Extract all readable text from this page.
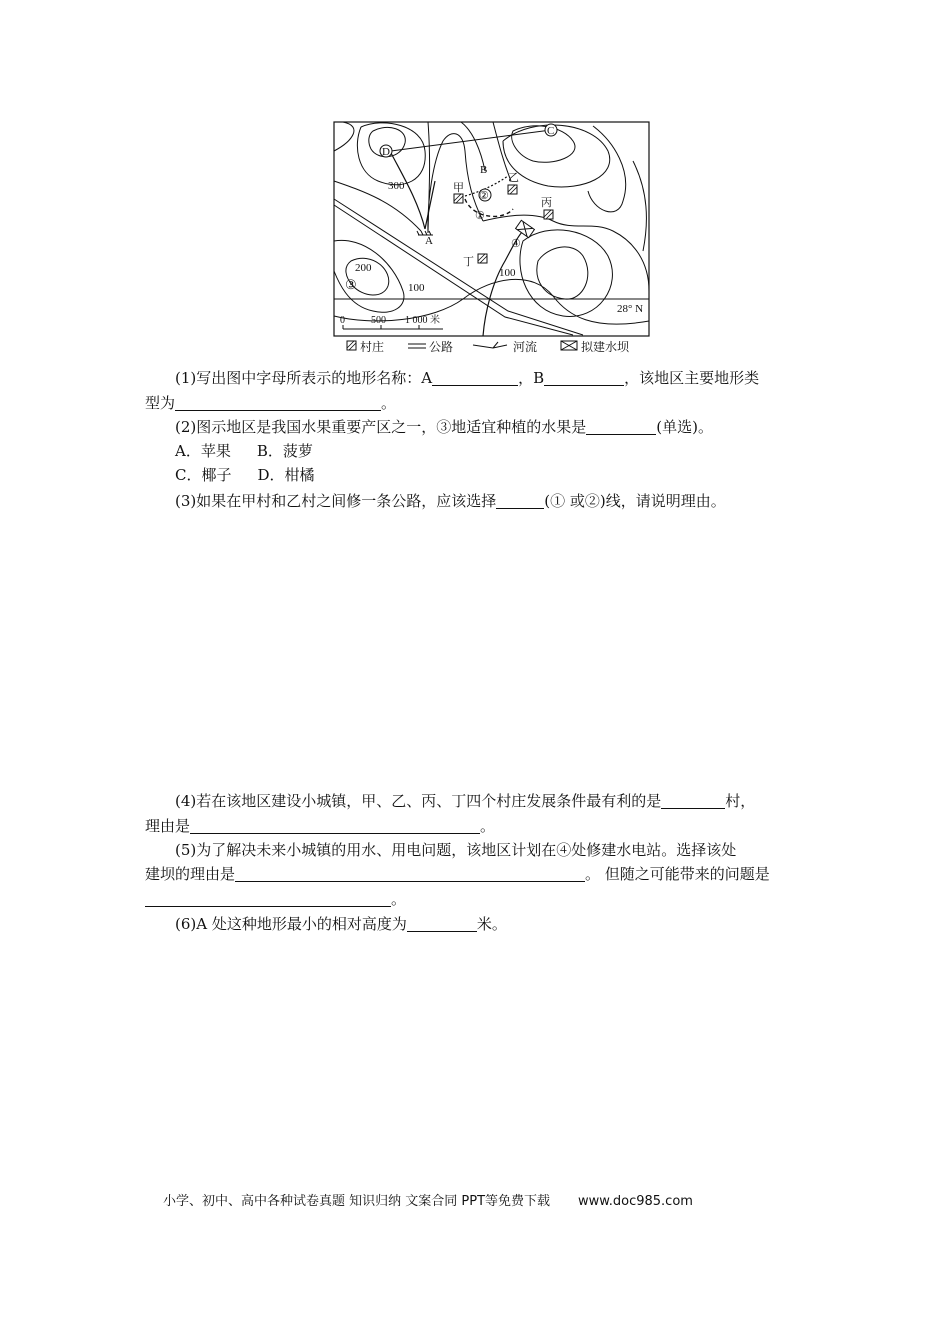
D
C
B
A
甲
乙
丙
丁
②
①
④
③
300
200
100
100
28° N
0	500 1 000 米
村庄	公路	河流	拟建水坝
(1)写出图中字母所表示的地形名称：A	，B	，该地区主要地形类
型为	。
(2)图示地区是我国水果重要产区之一，③地适宜种植的水果是	(单选)。
A．苹果 B．菠萝
C．椰子 D．柑橘
(3)如果在甲村和乙村之间修一条公路，应该选择	(① 或②)线，请说明理由。
(4)若在该地区建设小城镇，甲、乙、丙、丁四个村庄发展条件最有利的是	村，
理由是	。
(5)为了解决未来小城镇的用水、用电问题，该地区计划在④处修建水电站。选择该处
建坝的理由是	。 但随之可能带来的问题是
。
(6)A 处这种地形最小的相对高度为	米。
小学、初中、高中各种试卷真题 知识归纳 文案合同 PPT等免费下载 www.doc985.com
